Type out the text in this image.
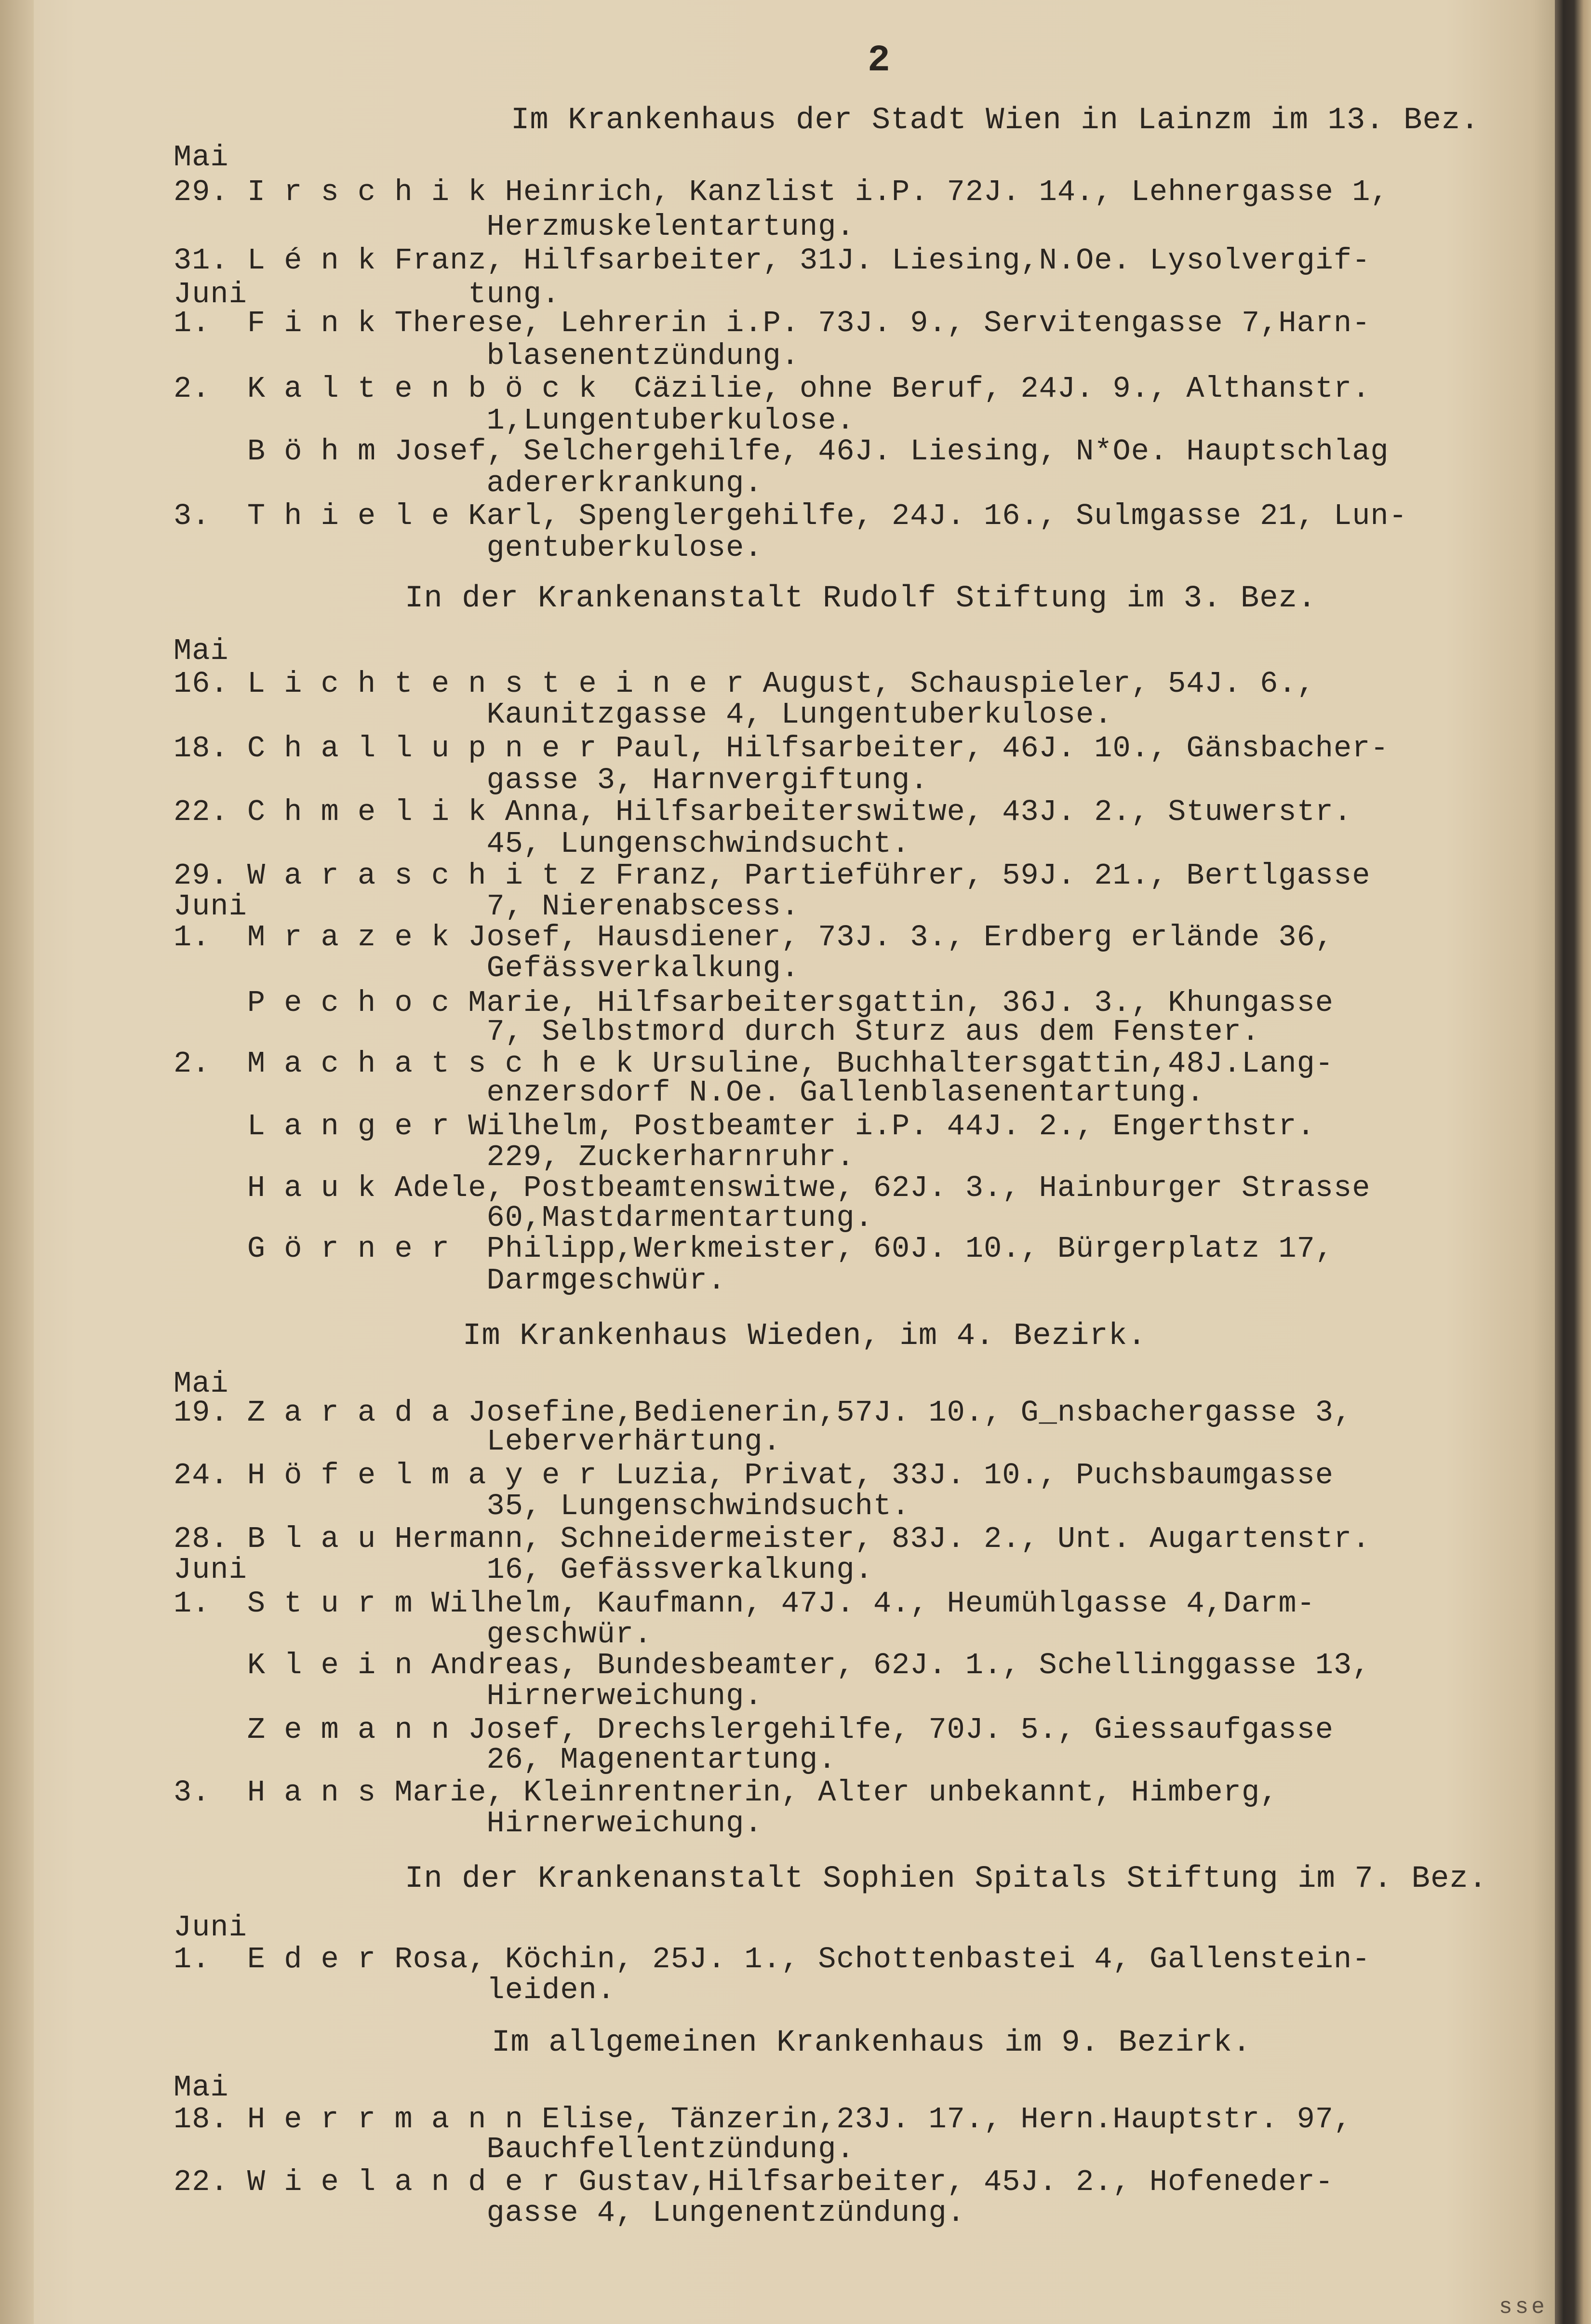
2
Im Krankenhaus der Stadt Wien in Lainzm im 13. Bez.
Mai
29. I r s c h i k Heinrich, Kanzlist i.P. 72J. 14., Lehnergasse 1,
Herzmuskelentartung.
31. L é n k Franz, Hilfsarbeiter, 31J. Liesing,N.Oe. Lysolvergif-
Juni            tung.
1.  F i n k Therese, Lehrerin i.P. 73J. 9., Servitengasse 7,Harn-
blasenentzündung.
2.  K a l t e n b ö c k  Cäzilie, ohne Beruf, 24J. 9., Althanstr.
1,Lungentuberkulose.
B ö h m Josef, Selchergehilfe, 46J. Liesing, N*Oe. Hauptschlag
adererkrankung.
3.  T h i e l e Karl, Spenglergehilfe, 24J. 16., Sulmgasse 21, Lun-
gentuberkulose.
In der Krankenanstalt Rudolf Stiftung im 3. Bez.
Mai
16. L i c h t e n s t e i n e r August, Schauspieler, 54J. 6.,
Kaunitzgasse 4, Lungentuberkulose.
18. C h a l l u p n e r Paul, Hilfsarbeiter, 46J. 10., Gänsbacher-
gasse 3, Harnvergiftung.
22. C h m e l i k Anna, Hilfsarbeiterswitwe, 43J. 2., Stuwerstr.
45, Lungenschwindsucht.
29. W a r a s c h i t z Franz, Partieführer, 59J. 21., Bertlgasse
Juni             7, Nierenabscess.
1.  M r a z e k Josef, Hausdiener, 73J. 3., Erdberg erlände 36,
Gefässverkalkung.
P e c h o c Marie, Hilfsarbeitersgattin, 36J. 3., Khungasse
7, Selbstmord durch Sturz aus dem Fenster.
2.  M a c h a t s c h e k Ursuline, Buchhaltersgattin,48J.Lang-
enzersdorf N.Oe. Gallenblasenentartung.
L a n g e r Wilhelm, Postbeamter i.P. 44J. 2., Engerthstr.
229, Zuckerharnruhr.
H a u k Adele, Postbeamtenswitwe, 62J. 3., Hainburger Strasse
60,Mastdarmentartung.
G ö r n e r  Philipp,Werkmeister, 60J. 10., Bürgerplatz 17,
Darmgeschwür.
Im Krankenhaus Wieden, im 4. Bezirk.
Mai
19. Z a r a d a Josefine,Bedienerin,57J. 10., G_nsbachergasse 3,
Leberverhärtung.
24. H ö f e l m a y e r Luzia, Privat, 33J. 10., Puchsbaumgasse
35, Lungenschwindsucht.
28. B l a u Hermann, Schneidermeister, 83J. 2., Unt. Augartenstr.
Juni             16, Gefässverkalkung.
1.  S t u r m Wilhelm, Kaufmann, 47J. 4., Heumühlgasse 4,Darm-
geschwür.
K l e i n Andreas, Bundesbeamter, 62J. 1., Schellinggasse 13,
Hirnerweichung.
Z e m a n n Josef, Drechslergehilfe, 70J. 5., Giessaufgasse
26, Magenentartung.
3.  H a n s Marie, Kleinrentnerin, Alter unbekannt, Himberg,
Hirnerweichung.
In der Krankenanstalt Sophien Spitals Stiftung im 7. Bez.
Juni
1.  E d e r Rosa, Köchin, 25J. 1., Schottenbastei 4, Gallenstein-
leiden.
Im allgemeinen Krankenhaus im 9. Bezirk.
Mai
18. H e r r m a n n Elise, Tänzerin,23J. 17., Hern.Hauptstr. 97,
Bauchfellentzündung.
22. W i e l a n d e r Gustav,Hilfsarbeiter, 45J. 2., Hofeneder-
gasse 4, Lungenentzündung.
sse
